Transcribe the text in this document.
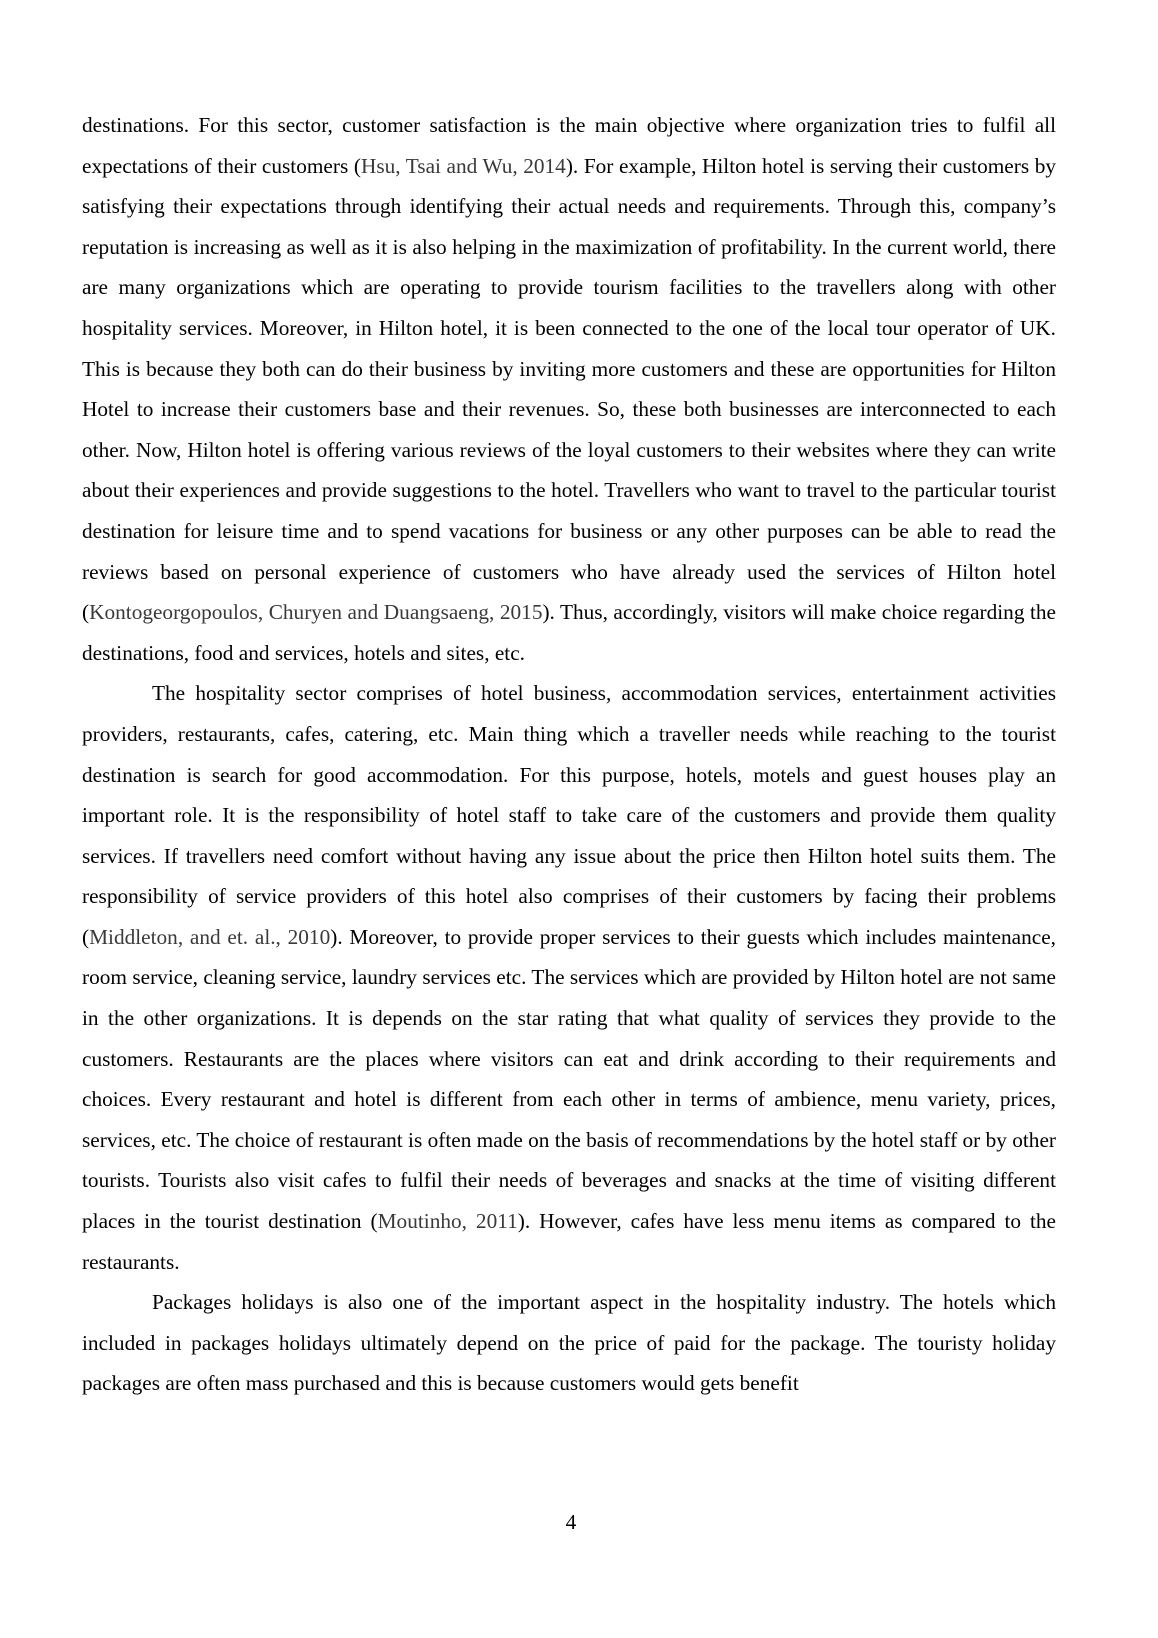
destinations. For this sector, customer satisfaction is the main objective where organization tries to fulfil all expectations of their customers (Hsu, Tsai and Wu, 2014). For example, Hilton hotel is serving their customers by satisfying their expectations through identifying their actual needs and requirements. Through this, company’s reputation is increasing as well as it is also helping in the maximization of profitability. In the current world, there are many organizations which are operating to provide tourism facilities to the travellers along with other hospitality services. Moreover, in Hilton hotel, it is been connected to the one of the local tour operator of UK. This is because they both can do their business by inviting more customers and these are opportunities for Hilton Hotel to increase their customers base and their revenues. So, these both businesses are interconnected to each other. Now, Hilton hotel is offering various reviews of the loyal customers to their websites where they can write about their experiences and provide suggestions to the hotel. Travellers who want to travel to the particular tourist destination for leisure time and to spend vacations for business or any other purposes can be able to read the reviews based on personal experience of customers who have already used the services of Hilton hotel (Kontogeorgopoulos, Churyen and Duangsaeng, 2015). Thus, accordingly, visitors will make choice regarding the destinations, food and services, hotels and sites, etc.

The hospitality sector comprises of hotel business, accommodation services, entertainment activities providers, restaurants, cafes, catering, etc. Main thing which a traveller needs while reaching to the tourist destination is search for good accommodation. For this purpose, hotels, motels and guest houses play an important role. It is the responsibility of hotel staff to take care of the customers and provide them quality services. If travellers need comfort without having any issue about the price then Hilton hotel suits them. The responsibility of service providers of this hotel also comprises of their customers by facing their problems (Middleton, and et. al., 2010). Moreover, to provide proper services to their guests which includes maintenance, room service, cleaning service, laundry services etc. The services which are provided by Hilton hotel are not same in the other organizations. It is depends on the star rating that what quality of services they provide to the customers. Restaurants are the places where visitors can eat and drink according to their requirements and choices. Every restaurant and hotel is different from each other in terms of ambience, menu variety, prices, services, etc. The choice of restaurant is often made on the basis of recommendations by the hotel staff or by other tourists. Tourists also visit cafes to fulfil their needs of beverages and snacks at the time of visiting different places in the tourist destination (Moutinho, 2011). However, cafes have less menu items as compared to the restaurants.

Packages holidays is also one of the important aspect in the hospitality industry. The hotels which included in packages holidays ultimately depend on the price of paid for the package. The touristy holiday packages are often mass purchased and this is because customers would gets benefit

4
